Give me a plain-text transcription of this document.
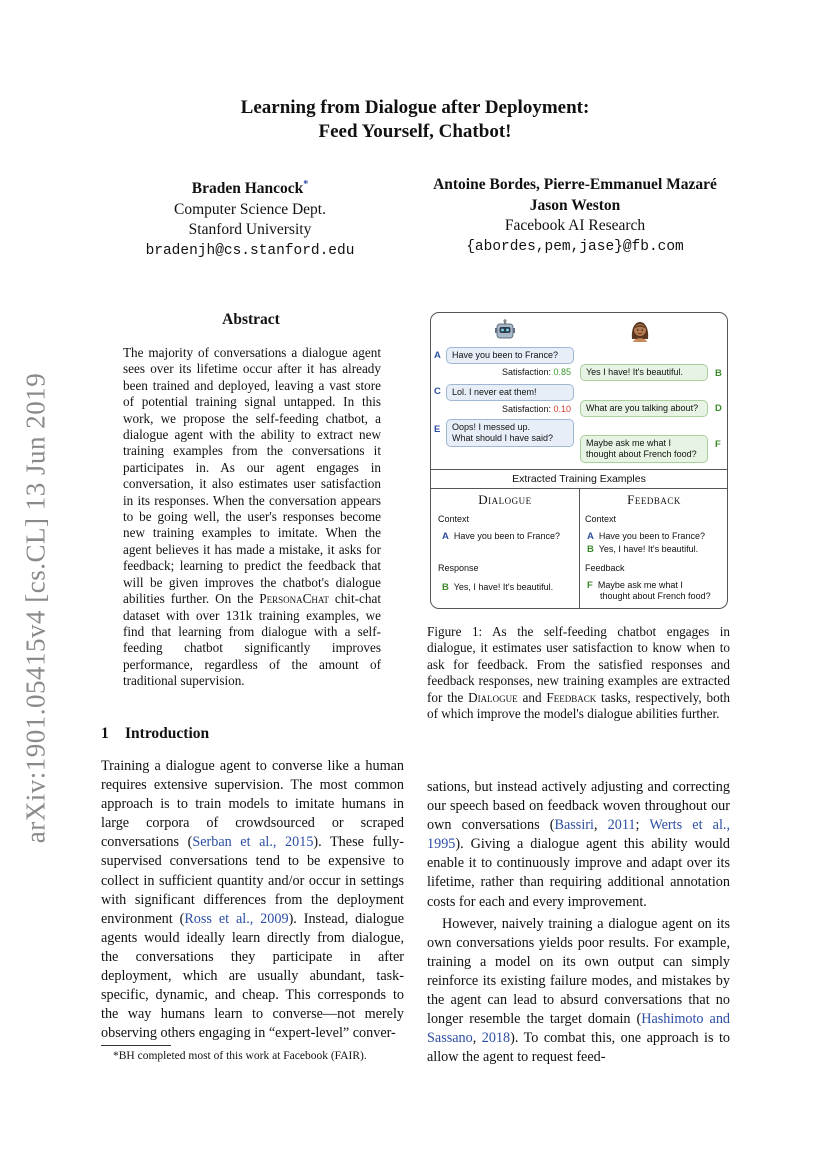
arXiv:1901.05415v4 [cs.CL] 13 Jun 2019
Learning from Dialogue after Deployment:
Feed Yourself, Chatbot!
Braden Hancock*
Computer Science Dept.
Stanford University
bradenjh@cs.stanford.edu
Antoine Bordes, Pierre-Emmanuel Mazaré
Jason Weston
Facebook AI Research
{abordes,pem,jase}@fb.com
Abstract
The majority of conversations a dialogue agent sees over its lifetime occur after it has already been trained and deployed, leaving a vast store of potential training signal untapped. In this work, we propose the self-feeding chatbot, a dialogue agent with the ability to extract new training examples from the conversations it participates in. As our agent engages in conversation, it also estimates user satisfaction in its responses. When the conversation appears to be going well, the user's responses become new training examples to imitate. When the agent believes it has made a mistake, it asks for feedback; learning to predict the feedback that will be given improves the chatbot's dialogue abilities further. On the PersonaChat chit-chat dataset with over 131k training examples, we find that learning from dialogue with a self-feeding chatbot significantly improves performance, regardless of the amount of traditional supervision.
1 Introduction

Training a dialogue agent to converse like a human requires extensive supervision. The most common approach is to train models to imitate humans in large corpora of crowdsourced or scraped conversations (Serban et al., 2015). These fully-supervised conversations tend to be expensive to collect in sufficient quantity and/or occur in settings with significant differences from the deployment environment (Ross et al., 2009). Instead, dialogue agents would ideally learn directly from dialogue, the conversations they participate in after deployment, which are usually abundant, task-specific, dynamic, and cheap. This corresponds to the way humans learn to converse—not merely observing others engaging in “expert-level” conver-

*BH completed most of this work at Facebook (FAIR).

sations, but instead actively adjusting and correcting our speech based on feedback woven throughout our own conversations (Bassiri, 2011; Werts et al., 1995). Giving a dialogue agent this ability would enable it to continuously improve and adapt over its lifetime, rather than requiring additional annotation costs for each and every improvement.

However, naively training a dialogue agent on its own conversations yields poor results. For example, training a model on its own output can simply reinforce its existing failure modes, and mistakes by the agent can lead to absurd conversations that no longer resemble the target domain (Hashimoto and Sassano, 2018). To combat this, one approach is to allow the agent to request feed-

A	Have you been to France?
Satisfaction: 0.85	Yes I have! It's beautiful.	B
C	Lol. I never eat them!
Satisfaction: 0.10	What are you talking about?	D
E Oops! I messed up.
What should I have said?	Maybe ask me what I
thought about French food?
F
Extracted Training Examples
Dialogue	Feedback
Context
A Have you been to France?
Response
B Yes, I have! It's beautiful.
Context
A Have you been to France?
B Yes, I have! It's beautiful.
Feedback
F Maybe ask me what I
thought about French food?
Figure 1: As the self-feeding chatbot engages in dialogue, it estimates user satisfaction to know when to ask for feedback. From the satisfied responses and feedback responses, new training examples are extracted for the Dialogue and Feedback tasks, respectively, both of which improve the model's dialogue abilities further.
